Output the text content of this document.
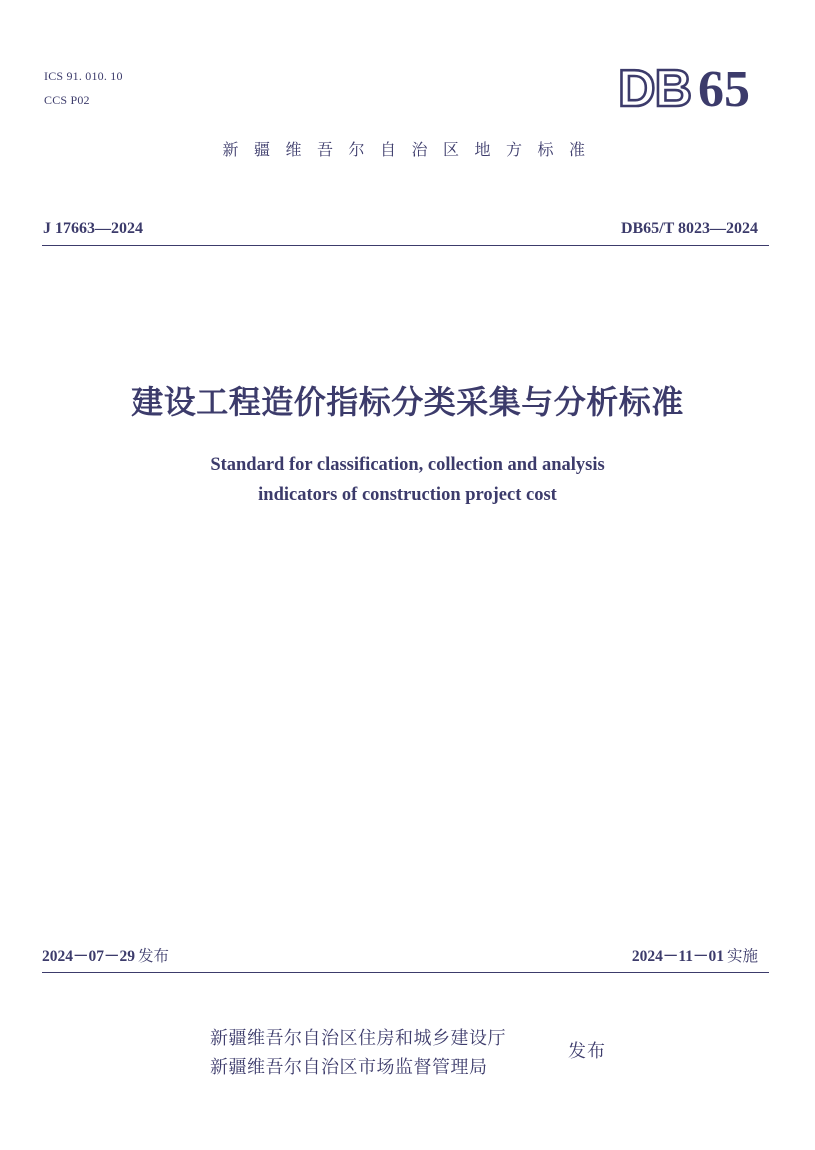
ICS 91. 010. 10
CCS P02	DB 65
新疆维吾尔自治区地方标准
J 17663—2024	DB65/T 8023—2024
建设工程造价指标分类采集与分析标准
Standard for classification, collection and analysis
indicators of construction project cost
2024－07－29 发布	2024－11－01 实施
新疆维吾尔自治区住房和城乡建设厅
新疆维吾尔自治区市场监督管理局
发布
